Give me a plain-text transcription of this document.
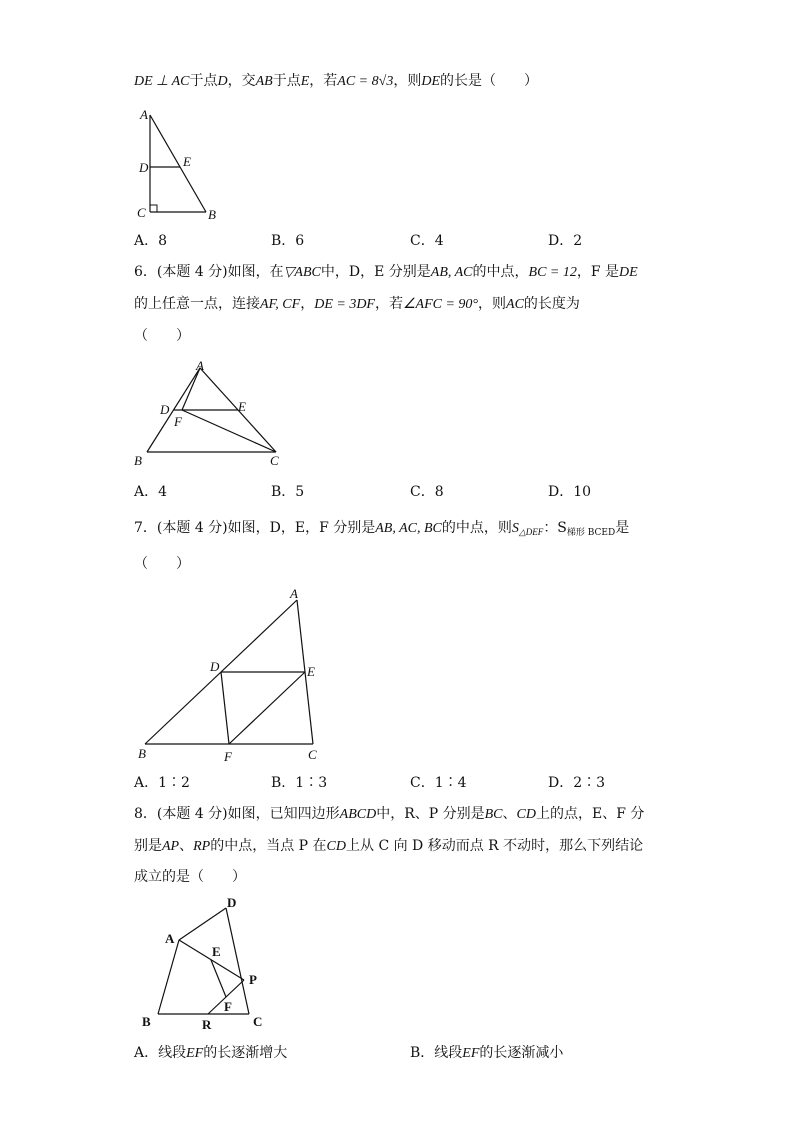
DE ⊥ AC于点D，交AB于点E，若AC = 8√3，则DE的长是（　　）
A
D	E
C	B
A．8	B．6	C．4	D．2
6．(本题 4 分)如图，在▽ABC中，D，E 分别是AB, AC的中点，BC = 12，F 是DE
的上任意一点，连接AF, CF，DE = 3DF，若∠AFC = 90°，则AC的长度为
（　　）
A
D	E
F
B	C
A．4	B．5	C．8	D．10
7．(本题 4 分)如图，D，E，F 分别是AB, AC, BC的中点，则$S_{\triangle DEF}$：$S_{梯形 BCED}$是
（　　）
A
D	E
B	F	C
A．1∶2	B．1∶3	C．1∶4	D．2∶3
8．(本题 4 分)如图，已知四边形ABCD中，R、P 分别是BC、CD上的点，E、F 分
别是AP、RP的中点，当点 P 在CD上从 C 向 D 移动而点 R 不动时，那么下列结论
成立的是（　　）
D
A
E
P
F
B	R	C
A．线段EF的长逐渐增大	B．线段EF的长逐渐减小
